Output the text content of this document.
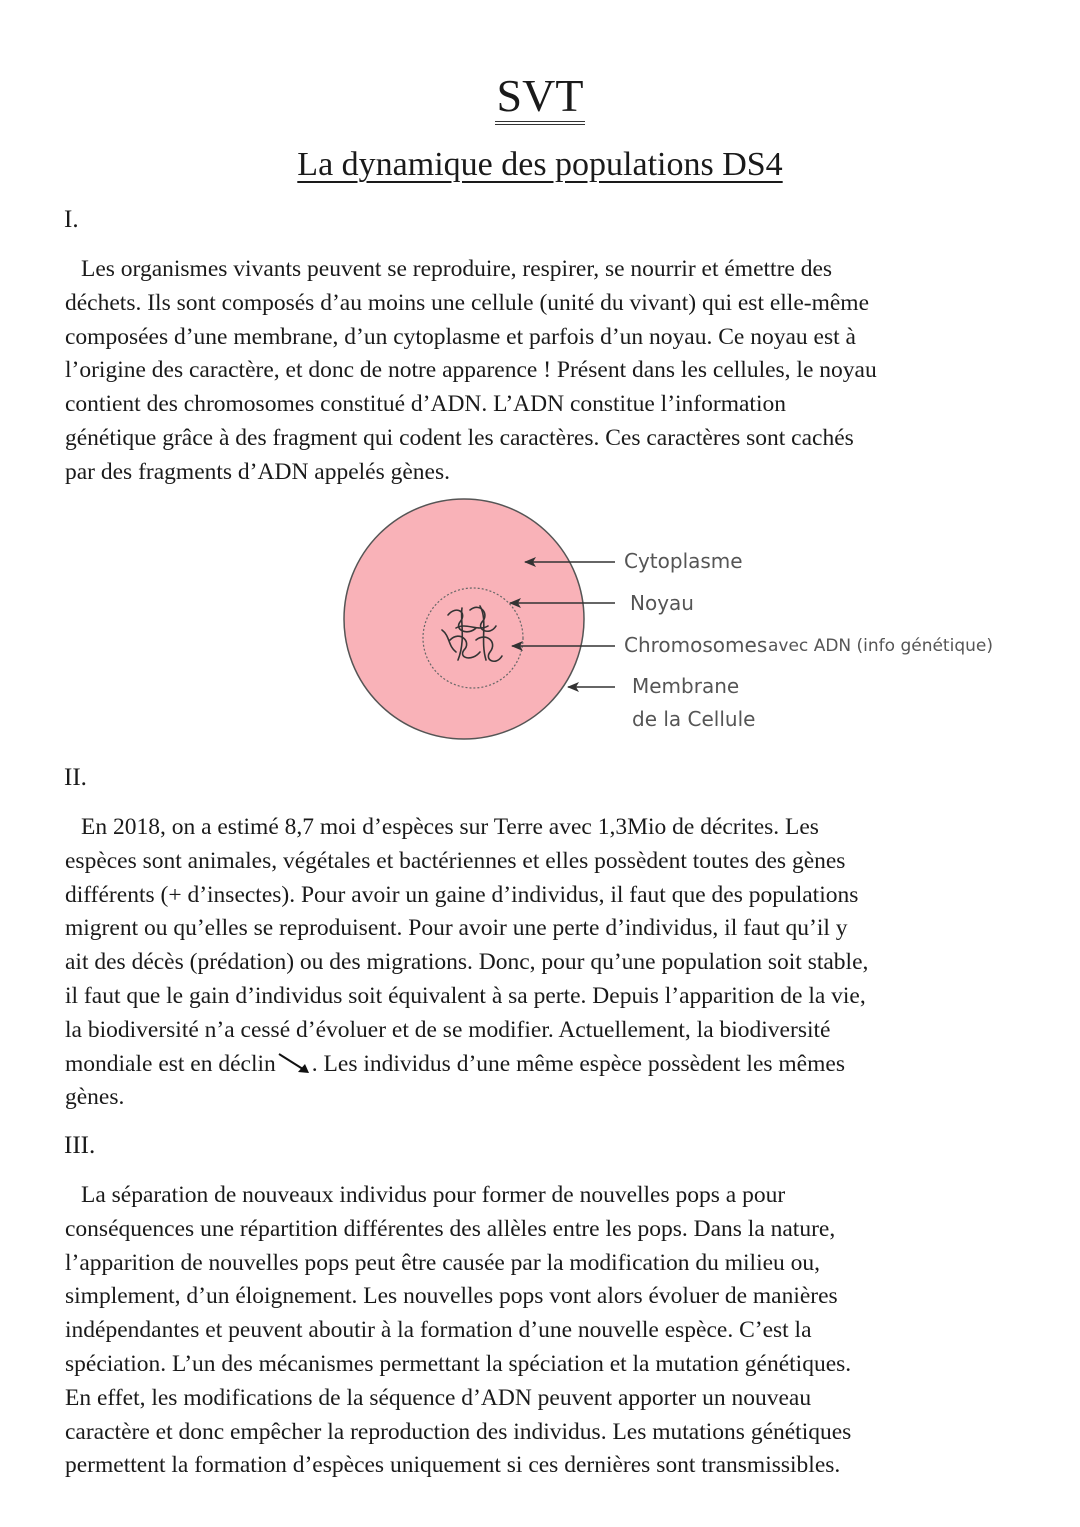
SVT
La dynamique des populations DS4
I.
Les organismes vivants peuvent se reproduire, respirer, se nourrir et émettre des
déchets. Ils sont composés d’au moins une cellule (unité du vivant) qui est elle-même
composées d’une membrane, d’un cytoplasme et parfois d’un noyau. Ce noyau est à
l’origine des caractère, et donc de notre apparence ! Présent dans les cellules, le noyau
contient des chromosomes constitué d’ADN. L’ADN constitue l’information
génétique grâce à des fragment qui codent les caractères. Ces caractères sont cachés
par des fragments d’ADN appelés gènes.
Cytoplasme
Noyau
Chromosomes avec ADN (info génétique)
Membrane
de la Cellule
II.
En 2018, on a estimé 8,7 moi d’espèces sur Terre avec 1,3Mio de décrites. Les
espèces sont animales, végétales et bactériennes et elles possèdent toutes des gènes
différents (+ d’insectes). Pour avoir un gaine d’individus, il faut que des populations
migrent ou qu’elles se reproduisent. Pour avoir une perte d’individus, il faut qu’il y
ait des décès (prédation) ou des migrations. Donc, pour qu’une population soit stable,
il faut que le gain d’individus soit équivalent à sa perte. Depuis l’apparition de la vie,
la biodiversité n’a cessé d’évoluer et de se modifier. Actuellement, la biodiversité
mondiale est en déclin . Les individus d’une même espèce possèdent les mêmes
gènes.
III.
La séparation de nouveaux individus pour former de nouvelles pops a pour
conséquences une répartition différentes des allèles entre les pops. Dans la nature,
l’apparition de nouvelles pops peut être causée par la modification du milieu ou,
simplement, d’un éloignement. Les nouvelles pops vont alors évoluer de manières
indépendantes et peuvent aboutir à la formation d’une nouvelle espèce. C’est la
spéciation. L’un des mécanismes permettant la spéciation et la mutation génétiques.
En effet, les modifications de la séquence d’ADN peuvent apporter un nouveau
caractère et donc empêcher la reproduction des individus. Les mutations génétiques
permettent la formation d’espèces uniquement si ces dernières sont transmissibles.
